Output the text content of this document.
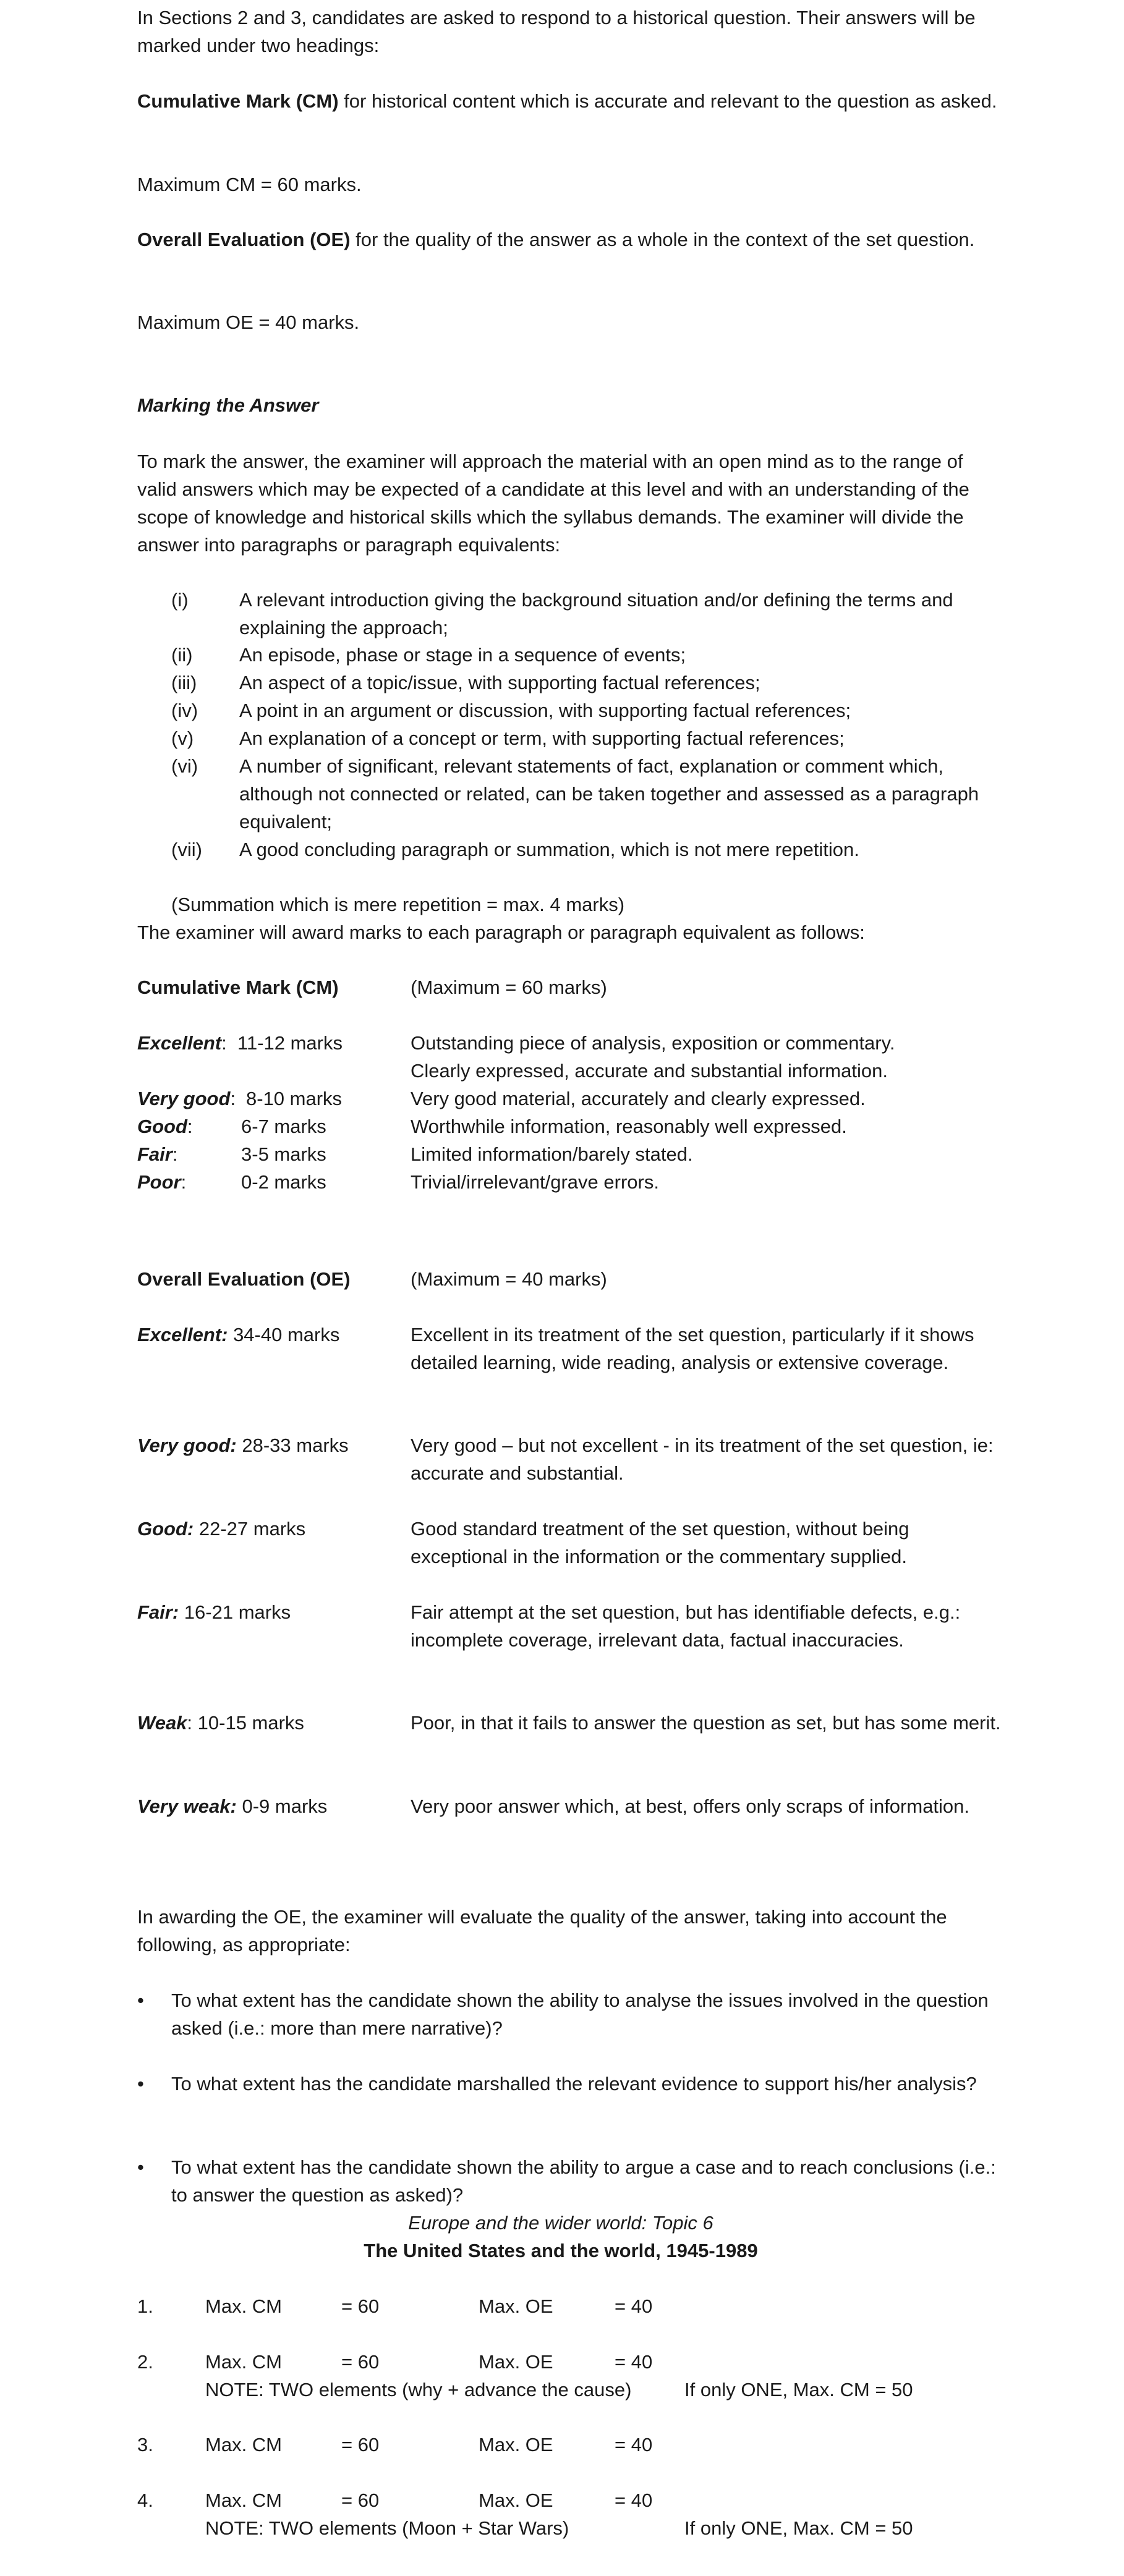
In Sections 2 and 3, candidates are asked to respond to a historical question. Their answers will be marked under two headings:

Cumulative Mark (CM) for historical content which is accurate and relevant to the question as asked.

Maximum CM = 60 marks.

Overall Evaluation (OE) for the quality of the answer as a whole in the context of the set question.

Maximum OE = 40 marks.

Marking the Answer

To mark the answer, the examiner will approach the material with an open mind as to the range of valid answers which may be expected of a candidate at this level and with an understanding of the scope of knowledge and historical skills which the syllabus demands. The examiner will divide the answer into paragraphs or paragraph equivalents:

(i)	A relevant introduction giving the background situation and/or defining the terms and explaining the approach;

(ii) An episode, phase or stage in a sequence of events;

(iii) An aspect of a topic/issue, with supporting factual references;

(iv) A point in an argument or discussion, with supporting factual references;

(v) An explanation of a concept or term, with supporting factual references;

(vi) A number of significant, relevant statements of fact, explanation or comment which, although not connected or related, can be taken together and assessed as a paragraph equivalent;

(vii) A good concluding paragraph or summation, which is not mere repetition.

(Summation which is mere repetition = max. 4 marks)

The examiner will award marks to each paragraph or paragraph equivalent as follows:

Cumulative Mark (CM)	(Maximum = 60 marks)

Excellent: 11-12 marks	Outstanding piece of analysis, exposition or commentary.

Clearly expressed, accurate and substantial information.

Very good: 8-10 marks	Very good material, accurately and clearly expressed.

Good:	6-7 marks	Worthwhile information, reasonably well expressed.

Fair:	3-5 marks	Limited information/barely stated.

Poor:	0-2 marks	Trivial/irrelevant/grave errors.

Overall Evaluation (OE)	(Maximum = 40 marks)

Excellent: 34-40 marks	Excellent in its treatment of the set question, particularly if it shows detailed learning, wide reading, analysis or extensive coverage.

Very good: 28-33 marks	Very good – but not excellent - in its treatment of the set question, ie: accurate and substantial.

Good: 22-27 marks	Good standard treatment of the set question, without being exceptional in the information or the commentary supplied.

Fair: 16-21 marks	Fair attempt at the set question, but has identifiable defects, e.g.: incomplete coverage, irrelevant data, factual inaccuracies.

Weak: 10-15 marks	Poor, in that it fails to answer the question as set, but has some merit.

Very weak: 0-9 marks	Very poor answer which, at best, offers only scraps of information.

In awarding the OE, the examiner will evaluate the quality of the answer, taking into account the following, as appropriate:

• To what extent has the candidate shown the ability to analyse the issues involved in the question asked (i.e.: more than mere narrative)?

• To what extent has the candidate marshalled the relevant evidence to support his/her analysis?

• To what extent has the candidate shown the ability to argue a case and to reach conclusions (i.e.: to answer the question as asked)?

Europe and the wider world: Topic 6

The United States and the world, 1945-1989

1.	Max. CM	= 60	Max. OE	= 40

2.	Max. CM	= 60	Max. OE	= 40

NOTE: TWO elements (why + advance the cause)	If only ONE, Max. CM = 50

3.	Max. CM	= 60	Max. OE	= 40

4.	Max. CM	= 60	Max. OE	= 40

NOTE: TWO elements (Moon + Star Wars)	If only ONE, Max. CM = 50
